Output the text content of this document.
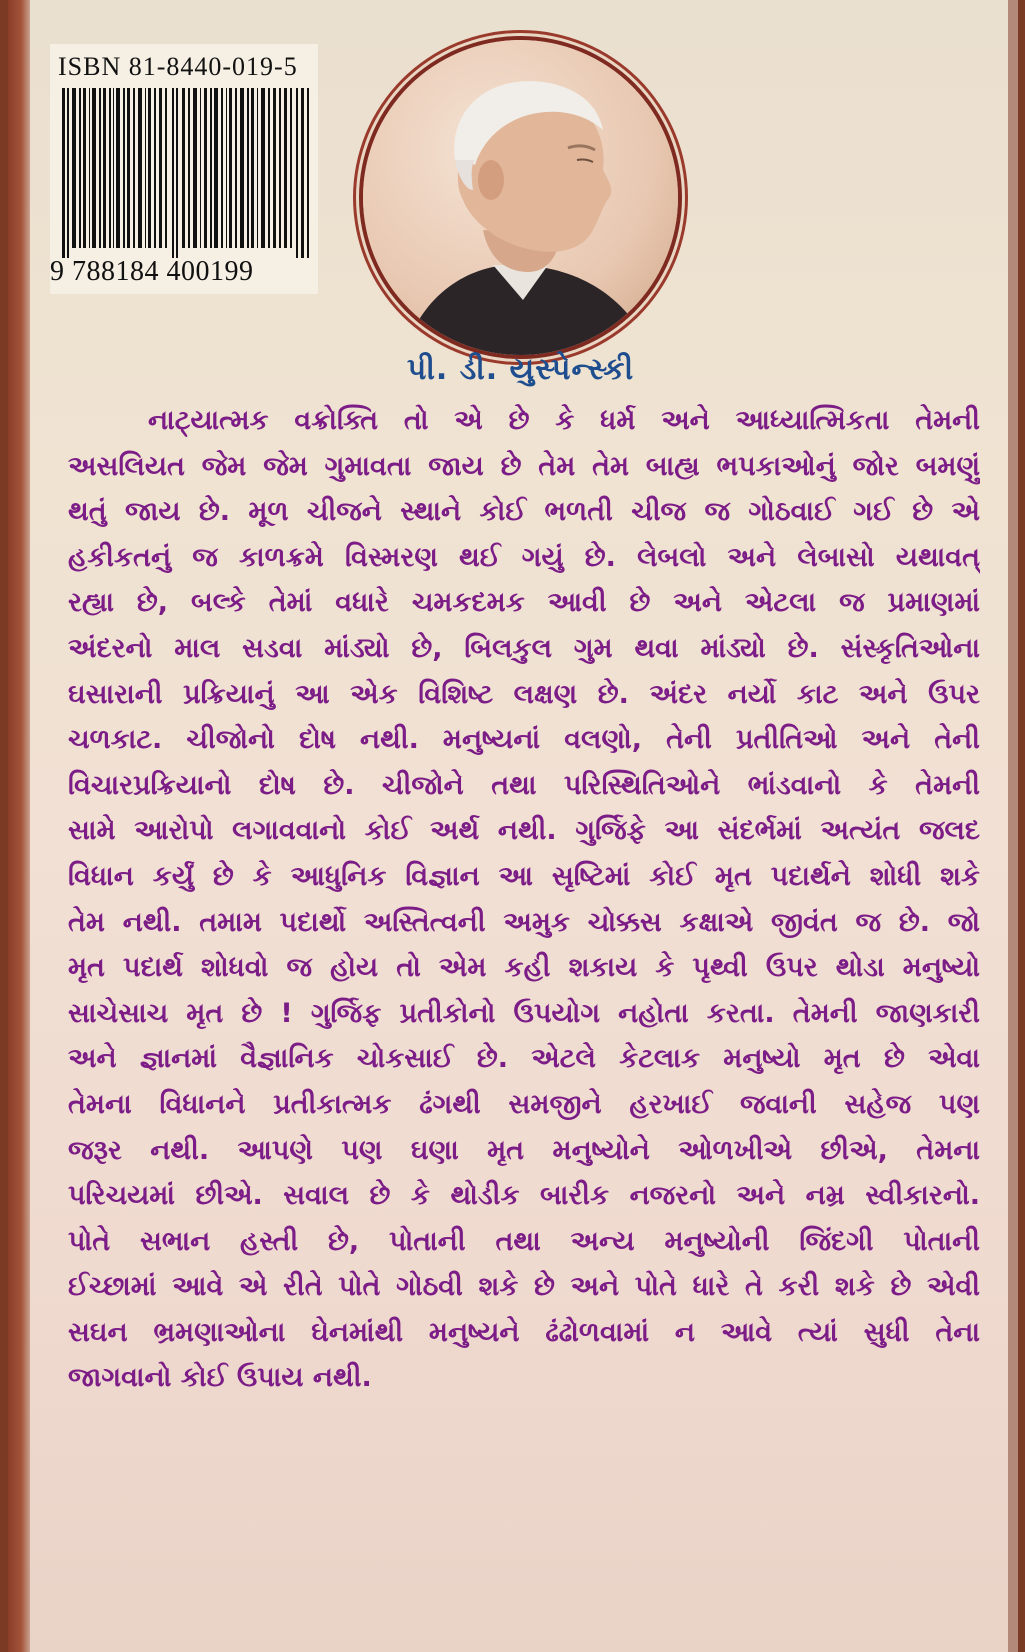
ISBN 81-8440-019-5
9 788184 400199
પી. ડી. યુસ્પેન્સ્કી
નાટ્યાત્મક વક્રોક્તિ તો એ છે કે ધર્મ અને આધ્યાત્મિકતા તેમની
અસલિયત જેમ જેમ ગુમાવતા જાય છે તેમ તેમ બાહ્ય ભપકાઓનું જોર બમણું
થતું જાય છે. મૂળ ચીજને સ્થાને કોઈ ભળતી ચીજ જ ગોઠવાઈ ગઈ છે એ
હકીકતનું જ કાળક્રમે વિસ્મરણ થઈ ગયું છે. લેબલો અને લેબાસો યથાવત્
રહ્યા છે, બલ્કે તેમાં વધારે ચમકદમક આવી છે અને એટલા જ પ્રમાણમાં
અંદરનો માલ સડવા માંડ્યો છે, બિલકુલ ગુમ થવા માંડ્યો છે. સંસ્કૃતિઓના
ઘસારાની પ્રક્રિયાનું આ એક વિશિષ્ટ લક્ષણ છે. અંદર નર્યો કાટ અને ઉપર
ચળકાટ. ચીજોનો દોષ નથી. મનુષ્યનાં વલણો, તેની પ્રતીતિઓ અને તેની
વિચારપ્રક્રિયાનો દોષ છે. ચીજોને તથા પરિસ્થિતિઓને ભાંડવાનો કે તેમની
સામે આરોપો લગાવવાનો કોઈ અર્થ નથી. ગુર્જિફે આ સંદર્ભમાં અત્યંત જલદ
વિધાન કર્યું છે કે આધુનિક વિજ્ઞાન આ સૃષ્ટિમાં કોઈ મૃત પદાર્થને શોધી શકે
તેમ નથી. તમામ પદાર્થો અસ્તિત્વની અમુક ચોક્કસ કક્ષાએ જીવંત જ છે. જો
મૃત પદાર્થ શોધવો જ હોય તો એમ કહી શકાય કે પૃથ્વી ઉપર થોડા મનુષ્યો
સાચેસાચ મૃત છે ! ગુર્જિફ પ્રતીકોનો ઉપયોગ નહોતા કરતા. તેમની જાણકારી
અને જ્ઞાનમાં વૈજ્ઞાનિક ચોકસાઈ છે. એટલે કેટલાક મનુષ્યો મૃત છે એવા
તેમના વિધાનને પ્રતીકાત્મક ઢંગથી સમજીને હરખાઈ જવાની સહેજ પણ
જરૂર નથી. આપણે પણ ઘણા મૃત મનુષ્યોને ઓળખીએ છીએ, તેમના
પરિચયમાં છીએ. સવાલ છે કે થોડીક બારીક નજરનો અને નમ્ર સ્વીકારનો.
પોતે સભાન હસ્તી છે, પોતાની તથા અન્ય મનુષ્યોની જિંદગી પોતાની
ઈચ્છામાં આવે એ રીતે પોતે ગોઠવી શકે છે અને પોતે ધારે તે કરી શકે છે એવી
સઘન ભ્રમણાઓના ઘેનમાંથી મનુષ્યને ઢંઢોળવામાં ન આવે ત્યાં સુધી તેના
જાગવાનો કોઈ ઉપાય નથી.
